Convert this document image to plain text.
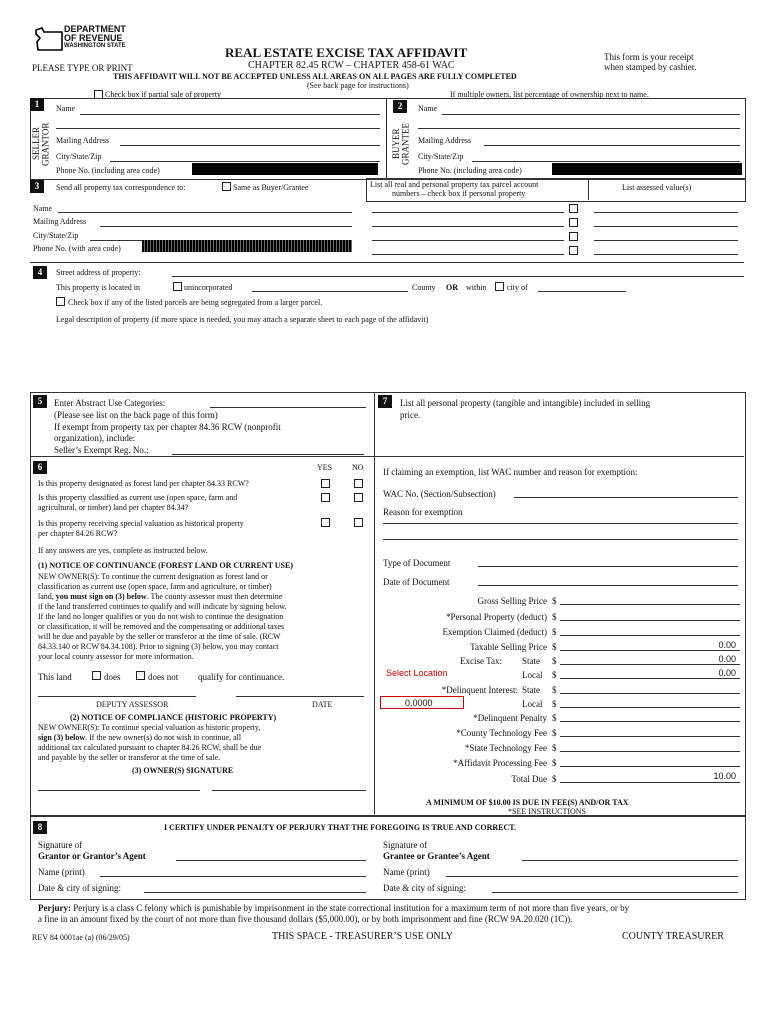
DEPARTMENT
OF REVENUE
WASHINGTON STATE	REAL ESTATE EXCISE TAX AFFIDAVIT
CHAPTER 82.45 RCW – CHAPTER 458-61 WAC
This form is your receipt
when stamped by cashier.
PLEASE TYPE OR PRINT
THIS AFFIDAVIT WILL NOT BE ACCEPTED UNLESS ALL AREAS ON ALL PAGES ARE FULLY COMPLETED
(See back page for instructions)
Check box if partial sale of property	If multiple owners, list percentage of ownership next to name.
1
SELLER GRANTOR
Name
Mailing Address
City/State/Zip
Phone No. (including area code)
2
BUYER GRANTEE
Name
Mailing Address
City/State/Zip
Phone No. (including area code)
3	Send all property tax correspondence to:	Same as Buyer/Grantee	List all real and personal property tax parcel account
numbers – check box if personal property
List assessed value(s)
Name
Mailing Address
City/State/Zip
Phone No. (with area code)
4	Street address of property:
This property is located in	unincorporated	County OR within	city of
Check box if any of the listed parcels are being segregated from a larger parcel.
Legal description of property (if more space is needed, you may attach a separate sheet to each page of the affidavit)
5	Enter Abstract Use Categories:
(Please see list on the back page of this form)
If exempt from property tax per chapter 84.36 RCW (nonprofit
organization), include:
Seller’s Exempt Reg. No.:
7	List all personal property (tangible and intangible) included in selling
price.
6	YES NO
Is this property designated as forest land per chapter 84.33 RCW?
Is this property classified as current use (open space, farm and
agricultural, or timber) land per chapter 84.34?
Is this property receiving special valuation as historical property
per chapter 84.26 RCW?
If any answers are yes, complete as instructed below.
(1) NOTICE OF CONTINUANCE (FOREST LAND OR CURRENT USE)
NEW OWNER(S): To continue the current designation as forest land or
classification as current use (open space, farm and agriculture, or timber)
land, you must sign on (3) below. The county assessor must then determine
if the land transferred continues to qualify and will indicate by signing below.
If the land no longer qualifies or you do not wish to continue the designation
or classification, it will be removed and the compensating or additional taxes
will be due and payable by the seller or transferor at the time of sale. (RCW
84.33.140 or RCW 84.34.108). Prior to signing (3) below, you may contact
your local county assessor for more information.
This land	does	does not qualify for continuance.
DEPUTY ASSESSOR	DATE
(2) NOTICE OF COMPLIANCE (HISTORIC PROPERTY)
NEW OWNER(S): To continue special valuation as historic property,
sign (3) below. If the new owner(s) do not wish to continue, all
additional tax calculated pursuant to chapter 84.26 RCW, shall be due
and payable by the seller or transferor at the time of sale.
(3) OWNER(S) SIGNATURE
If claiming an exemption, list WAC number and reason for exemption:
WAC No. (Section/Subsection)
Reason for exemption
Type of Document
Date of Document
Gross Selling Price $
*Personal Property (deduct) $
Exemption Claimed (deduct) $
Taxable Selling Price $	0.00
Excise Tax: State $	0.00
Select Location	Local $	0.00
*Delinquent Interest: State $
0.0000	Local $
*Delinquent Penalty $
*County Technology Fee $
*State Technology Fee $
*Affidavit Processing Fee $
Total Due $	10.00
A MINIMUM OF $10.00 IS DUE IN FEE(S) AND/OR TAX
*SEE INSTRUCTIONS
8	I CERTIFY UNDER PENALTY OF PERJURY THAT THE FOREGOING IS TRUE AND CORRECT.
Signature of
Grantor or Grantor’s Agent
Name (print)
Date & city of signing:
Signature of
Grantee or Grantee’s Agent
Name (print)
Date & city of signing:
Perjury: Perjury is a class C felony which is punishable by imprisonment in the state correctional institution for a maximum term of not more than five years, or by
a fine in an amount fixed by the court of not more than five thousand dollars ($5,000.00), or by both imprisonment and fine (RCW 9A.20.020 (1C)).
REV 84 0001ae (a) (06/29/05)	THIS SPACE - TREASURER’S USE ONLY	COUNTY TREASURER
